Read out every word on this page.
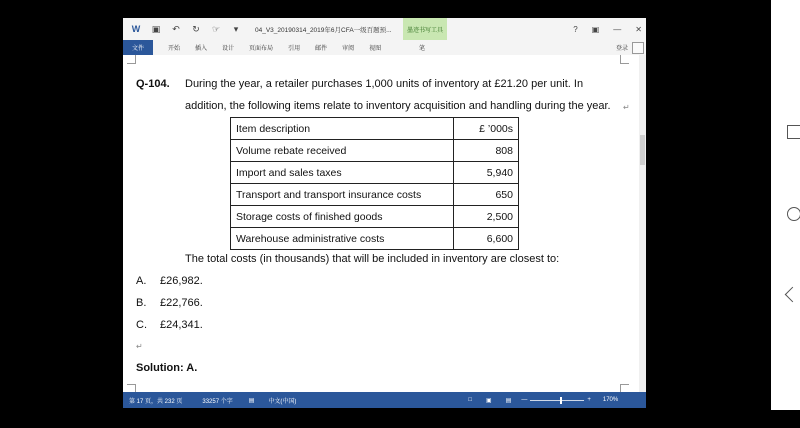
W	▣	↶	↻	☞	▾	04_V3_20190314_2019年6月CFA一级百题预...	墨迹书写工具	? ▣ — ✕
文件	开始	插入	设计	页面布局	引用	邮件	审阅	视图	笔	登录
Q-104. During the year, a retailer purchases 1,000 units of inventory at £21.20 per unit. In
addition, the following items relate to inventory acquisition and handling during the year. ↵
Item description	£ ’000s
Volume rebate received	808
Import and sales taxes	5,940
Transport and transport insurance costs	650
Storage costs of finished goods	2,500
Warehouse administrative costs	6,600
The total costs (in thousands) that will be included in inventory are closest to:
A. £26,982.
B. £22,766.
C. £24,341.
↵
Solution: A.
第 17 页，共 232 页	33257 个字	▤ 中文(中国)	□ ▣ ▤ —	+ 170%
